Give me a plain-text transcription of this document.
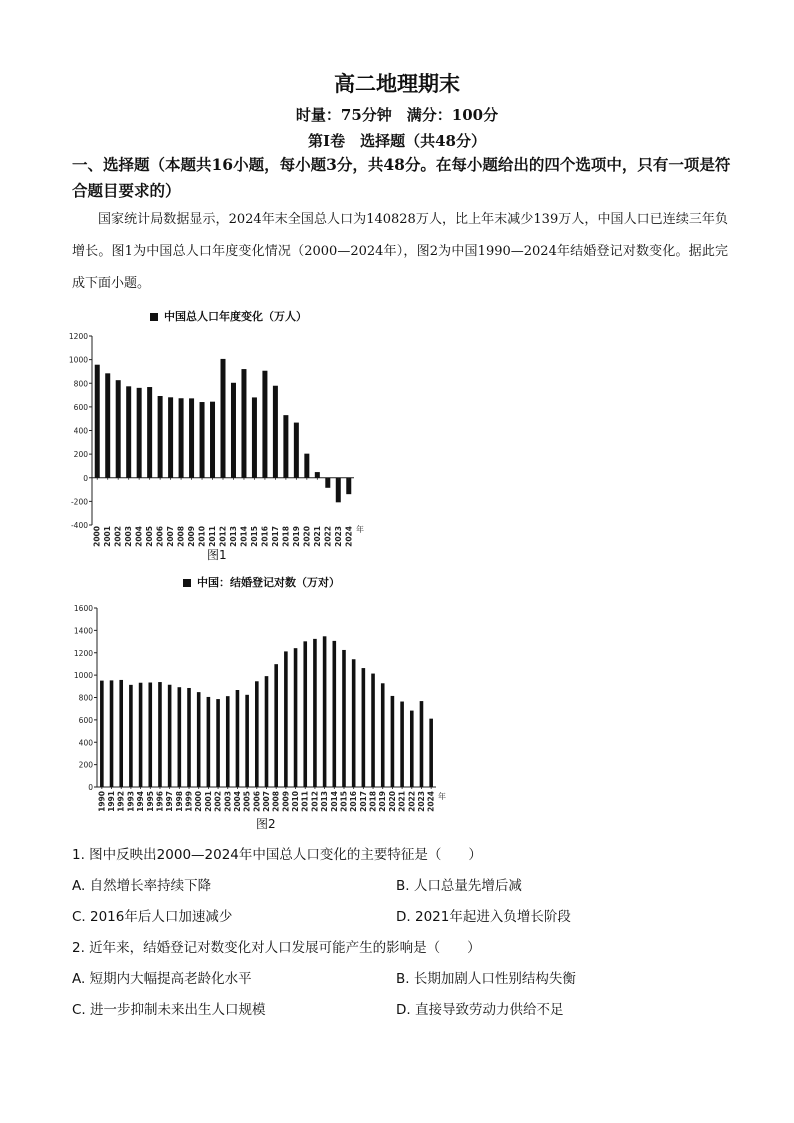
高二地理期末
时量：75分钟　满分：100分
第Ⅰ卷　选择题（共48分）
一、选择题（本题共16小题，每小题3分，共48分。在每小题给出的四个选项中，只有一项是符合题目要求的）
国家统计局数据显示，2024年末全国总人口为140828万人，比上年末减少139万人，中国人口已连续三年负增长。图1为中国总人口年度变化情况（2000—2024年），图2为中国1990—2024年结婚登记对数变化。据此完成下面小题。
中国总人口年度变化（万人）
-400
-200
0
200
400
600
800
1000
1200
2000 2001 2002 2003 2004 2005 2006 2007 2008 2009 2010 2011 2012 2013 2014 2015 2016 2017 2018 2019 2020 2021 2022 2023 2024 年
图1
中国：结婚登记对数（万对）
0
200
400
600
800
1000
1200
1400
1600
1990 1991 1992 1993 1994 1995 1996 1997 1998 1999 2000 2001 2002 2003 2004 2005 2006 2007 2008 2009 2010 2011 2012 2013 2014 2015 2016 2017 2018 2019 2020 2021 2022 2023 2024 年
图2
1. 图中反映出2000—2024年中国总人口变化的主要特征是（　　）
A. 自然增长率持续下降	B. 人口总量先增后减
C. 2016年后人口加速减少	D. 2021年起进入负增长阶段
2. 近年来，结婚登记对数变化对人口发展可能产生的影响是（　　）
A. 短期内大幅提高老龄化水平	B. 长期加剧人口性别结构失衡
C. 进一步抑制未来出生人口规模	D. 直接导致劳动力供给不足
